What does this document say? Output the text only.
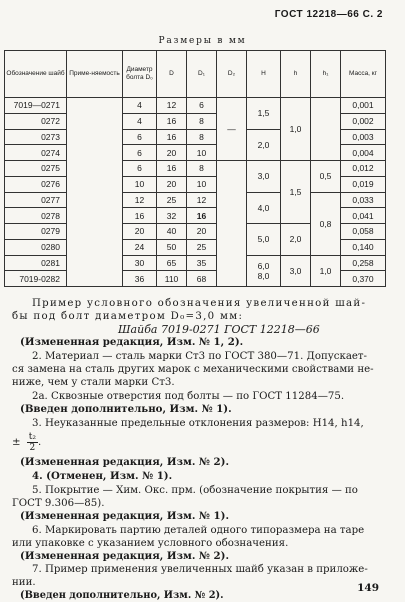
ГОСТ 12218—66 С. 2
Размеры в мм
Обозначение шайб	Приме-няемость	Диаметр болта D₀	D	D₁	D₂	H	h	h₁	Масса, кг
7019—0271		4	12	6	—	1,5	1,0		0,001
0272		4	16	8					0,002
0273		6	16	8		2,0			0,003
0274		6	20	10					0,004
0275		6	16	8		3,0	1,5	0,5	0,012
0276		10	20	10					0,019
0277		12	25	12		4,0		0,8	0,033
0278		16	32	16					0,041
0279		20	40	20		5,0	2,0		0,058
0280		24	50	25					0,140
0281		30	65	35		6,0
8,0	3,0	1,0	0,258
7019-0282		36	110	68					0,370
Пример условного обозначения увеличенной шай-
бы под болт диаметром D₀=3,0 мм:
Шайба 7019-0271 ГОСТ 12218—66
(Измененная редакция, Изм. № 1, 2).
2. Материал — сталь марки Ст3 по ГОСТ 380—71. Допускает-
ся замена на сталь других марок с механическими свойствами не-
ниже, чем у стали марки Ст3.
2а. Сквозные отверстия под болты — по ГОСТ 11284—75.
(Введен дополнительно, Изм. № 1).
3. Неуказанные предельные отклонения размеров: Н14, h14,
± $\frac{\text{t₂}}{2}$ .
(Измененная редакция, Изм. № 2).
4. (Отменен, Изм. № 1).
5. Покрытие — Хим. Окс. прм. (обозначение покрытия — по
ГОСТ 9.306—85).
(Измененная редакция, Изм. № 1).
6. Маркировать партию деталей одного типоразмера на таре
или упаковке с указанием условного обозначения.
(Измененная редакция, Изм. № 2).
7. Пример применения увеличенных шайб указан в приложе-
нии.
(Введен дополнительно, Изм. № 2).
149
